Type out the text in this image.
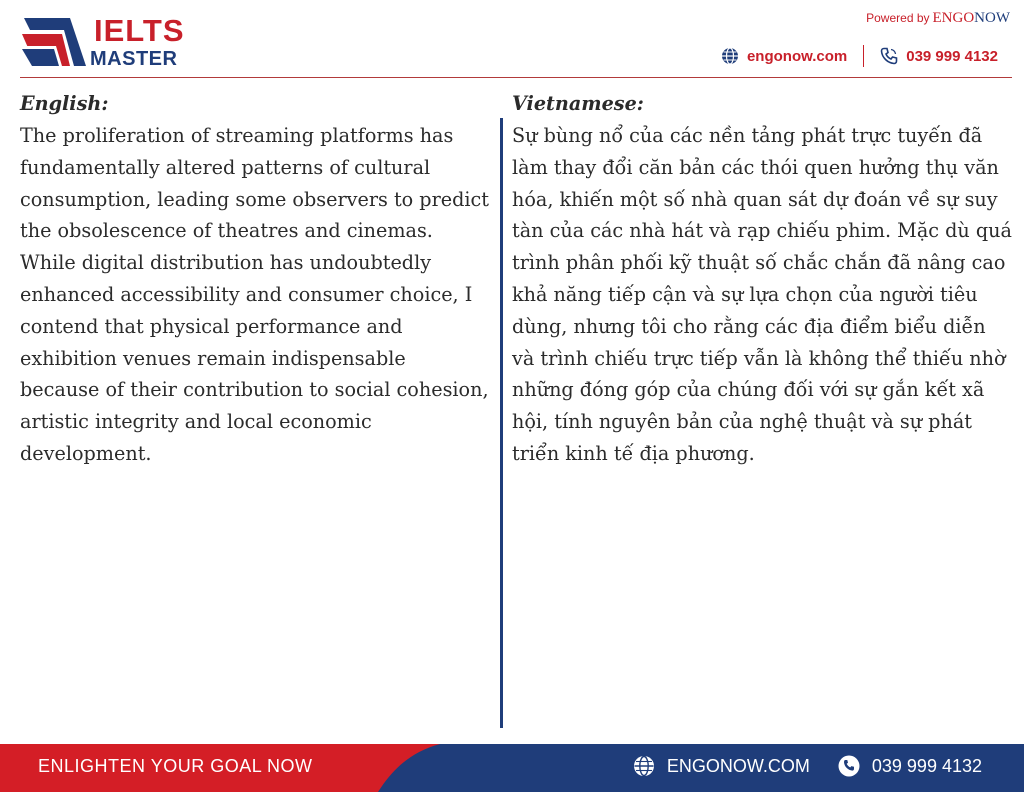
IELTS
MASTER
Powered by ENGONOW
engonow.com	039 999 4132
English:

The proliferation of streaming platforms has fundamentally altered patterns of cultural consumption, leading some observers to predict the obsolescence of theatres and cinemas. While digital distribution has undoubtedly enhanced accessibility and consumer choice, I contend that physical performance and exhibition venues remain indispensable because of their contribution to social cohesion, artistic integrity and local economic development.

Vietnamese:

Sự bùng nổ của các nền tảng phát trực tuyến đã làm thay đổi căn bản các thói quen hưởng thụ văn hóa, khiến một số nhà quan sát dự đoán về sự suy tàn của các nhà hát và rạp chiếu phim. Mặc dù quá trình phân phối kỹ thuật số chắc chắn đã nâng cao khả năng tiếp cận và sự lựa chọn của người tiêu dùng, nhưng tôi cho rằng các địa điểm biểu diễn và trình chiếu trực tiếp vẫn là không thể thiếu nhờ những đóng góp của chúng đối với sự gắn kết xã hội, tính nguyên bản của nghệ thuật và sự phát triển kinh tế địa phương.

ENLIGHTEN YOUR GOAL NOW	ENGONOW.COM	039 999 4132
